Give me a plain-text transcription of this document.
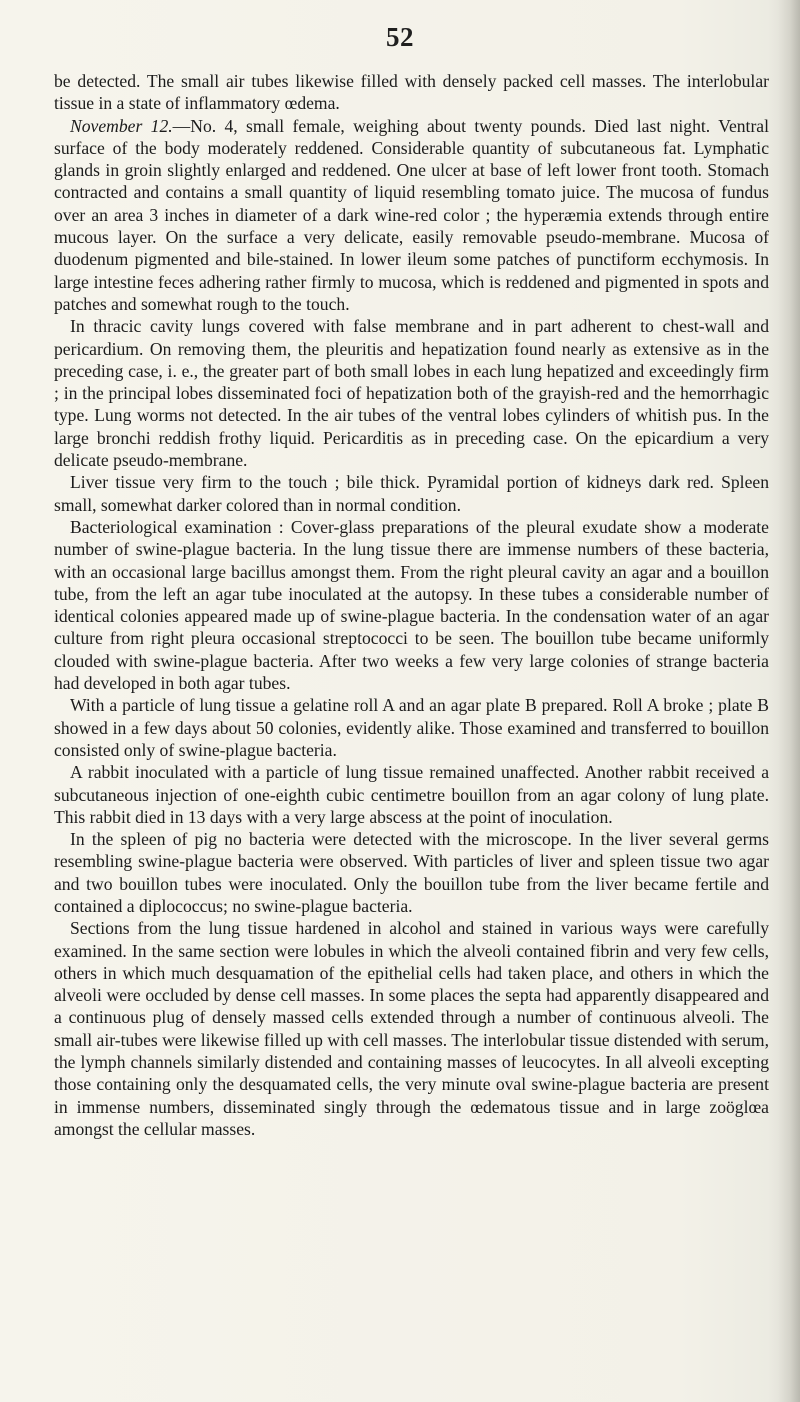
52

be detected. The small air tubes likewise filled with densely packed cell masses. The interlobular tissue in a state of inflammatory œdema.

November 12.—No. 4, small female, weighing about twenty pounds. Died last night. Ventral surface of the body moderately reddened. Considerable quantity of subcutaneous fat. Lymphatic glands in groin slightly enlarged and reddened. One ulcer at base of left lower front tooth. Stomach contracted and contains a small quantity of liquid resembling tomato juice. The mucosa of fundus over an area 3 inches in diameter of a dark wine-red color ; the hyperæmia extends through entire mucous layer. On the surface a very delicate, easily removable pseudo-membrane. Mucosa of duodenum pigmented and bile-stained. In lower ileum some patches of punctiform ecchymosis. In large intestine feces adhering rather firmly to mucosa, which is reddened and pigmented in spots and patches and somewhat rough to the touch.

In thracic cavity lungs covered with false membrane and in part adherent to chest-wall and pericardium. On removing them, the pleuritis and hepatization found nearly as extensive as in the preceding case, i. e., the greater part of both small lobes in each lung hepatized and exceedingly firm ; in the principal lobes disseminated foci of hepatization both of the grayish-red and the hemorrhagic type. Lung worms not detected. In the air tubes of the ventral lobes cylinders of whitish pus. In the large bronchi reddish frothy liquid. Pericarditis as in preceding case. On the epicardium a very delicate pseudo-membrane.

Liver tissue very firm to the touch ; bile thick. Pyramidal portion of kidneys dark red. Spleen small, somewhat darker colored than in normal condition.

Bacteriological examination : Cover-glass preparations of the pleural exudate show a moderate number of swine-plague bacteria. In the lung tissue there are immense numbers of these bacteria, with an occasional large bacillus amongst them. From the right pleural cavity an agar and a bouillon tube, from the left an agar tube inoculated at the autopsy. In these tubes a considerable number of identical colonies appeared made up of swine-plague bacteria. In the condensation water of an agar culture from right pleura occasional streptococci to be seen. The bouillon tube became uniformly clouded with swine-plague bacteria. After two weeks a few very large colonies of strange bacteria had developed in both agar tubes.

With a particle of lung tissue a gelatine roll A and an agar plate B prepared. Roll A broke ; plate B showed in a few days about 50 colonies, evidently alike. Those examined and transferred to bouillon consisted only of swine-plague bacteria.

A rabbit inoculated with a particle of lung tissue remained unaffected. Another rabbit received a subcutaneous injection of one-eighth cubic centimetre bouillon from an agar colony of lung plate. This rabbit died in 13 days with a very large abscess at the point of inoculation.

In the spleen of pig no bacteria were detected with the microscope. In the liver several germs resembling swine-plague bacteria were observed. With particles of liver and spleen tissue two agar and two bouillon tubes were inoculated. Only the bouillon tube from the liver became fertile and contained a diplococcus; no swine-plague bacteria.

Sections from the lung tissue hardened in alcohol and stained in various ways were carefully examined. In the same section were lobules in which the alveoli contained fibrin and very few cells, others in which much desquamation of the epithelial cells had taken place, and others in which the alveoli were occluded by dense cell masses. In some places the septa had apparently disappeared and a continuous plug of densely massed cells extended through a number of continuous alveoli. The small air-tubes were likewise filled up with cell masses. The interlobular tissue distended with serum, the lymph channels similarly distended and containing masses of leucocytes. In all alveoli excepting those containing only the desquamated cells, the very minute oval swine-plague bacteria are present in immense numbers, disseminated singly through the œdematous tissue and in large zoöglœa amongst the cellular masses.
